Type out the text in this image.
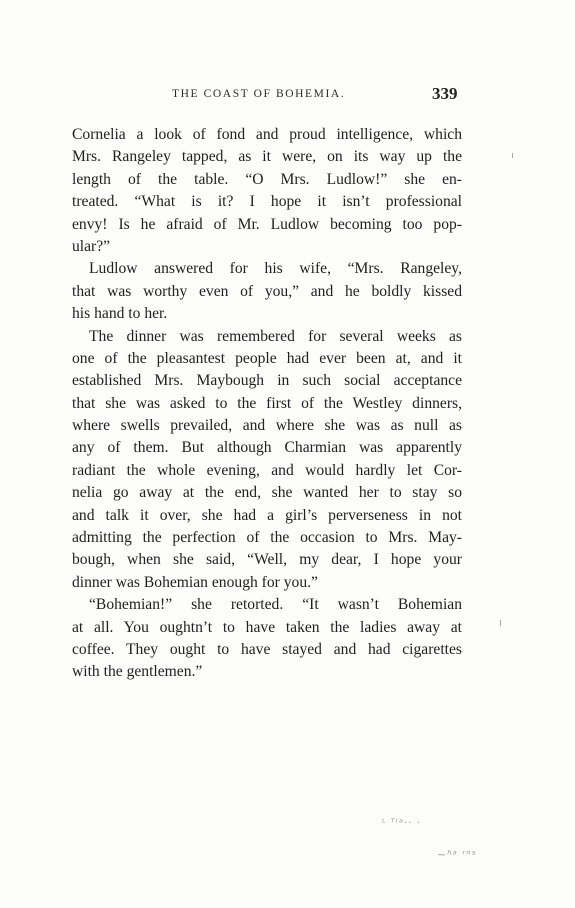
THE COAST OF BOHEMIA.	339
Cornelia a look of fond and proud intelligence, which
Mrs. Rangeley tapped, as it were, on its way up the
length of the table. “O Mrs. Ludlow!” she en-
treated. “What is it? I hope it isn’t professional
envy! Is he afraid of Mr. Ludlow becoming too pop-
ular?”
Ludlow answered for his wife, “Mrs. Rangeley,
that was worthy even of you,” and he boldly kissed
his hand to her.
The dinner was remembered for several weeks as
one of the pleasantest people had ever been at, and it
established Mrs. Maybough in such social acceptance
that she was asked to the first of the Westley dinners,
where swells prevailed, and where she was as null as
any of them. But although Charmian was apparently
radiant the whole evening, and would hardly let Cor-
nelia go away at the end, she wanted her to stay so
and talk it over, she had a girl’s perverseness in not
admitting the perfection of the occasion to Mrs. May-
bough, when she said, “Well, my dear, I hope your
dinner was Bohemian enough for you.”
“Bohemian!” she retorted. “It wasn’t Bohemian
at all. You oughtn’t to have taken the ladies away at
coffee. They ought to have stayed and had cigarettes
with the gentlemen.”
ᴸ ᵀʳᵃ·· ·
~ʰᵃ ʳⁿˢ
